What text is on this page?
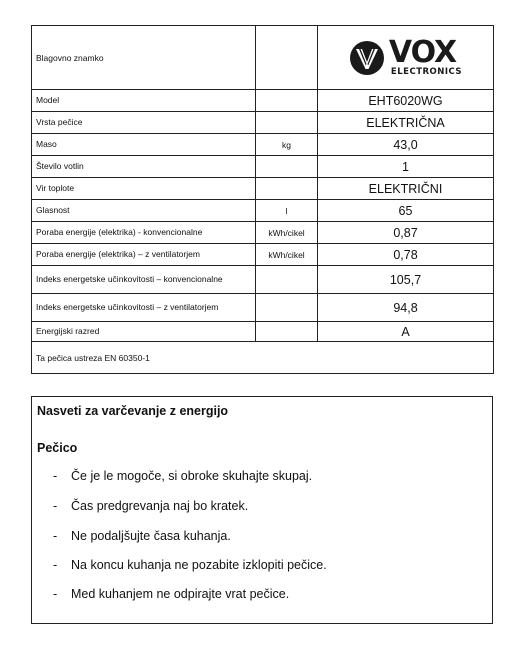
Blagovno znamko		VOX
ELECTRONICS

Model		EHT6020WG
Vrsta pečice		ELEKTRIČNA
Maso	kg	43,0
Število votlin		1
Vir toplote		ELEKTRIČNI
Glasnost	l	65
Poraba energije (elektrika) - konvencionalne	kWh/cikel	0,87
Poraba energije (elektrika) – z ventilatorjem	kWh/cikel	0,78
Indeks energetske učinkovitosti – konvencionalne		105,7
Indeks energetske učinkovitosti – z ventilatorjem		94,8
Energijski razred		A
Ta pečica ustreza EN 60350-1		
Nasveti za varčevanje z energijo
Pečico
- Če je le mogoče, si obroke skuhajte skupaj.
- Čas predgrevanja naj bo kratek.
- Ne podaljšujte časa kuhanja.
- Na koncu kuhanja ne pozabite izklopiti pečice.
- Med kuhanjem ne odpirajte vrat pečice.
